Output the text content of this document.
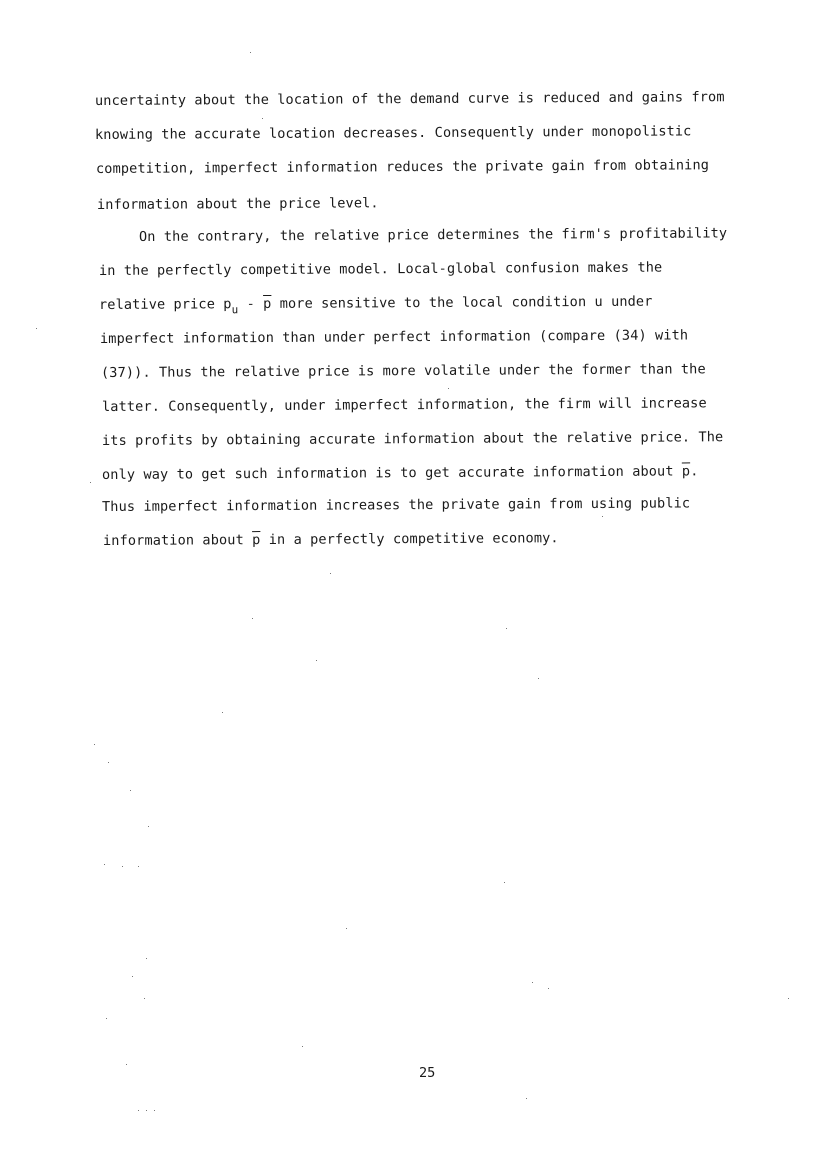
uncertainty about the location of the demand curve is reduced and gains from
knowing the accurate location decreases. Consequently under monopolistic
competition, imperfect information reduces the private gain from obtaining
information about the price level.
On the contrary, the relative price determines the firm's profitability
in the perfectly competitive model. Local-global confusion makes the
relative price $p_u - \overline{p}$ more sensitive to the local condition u under
imperfect information than under perfect information (compare (34) with
(37)). Thus the relative price is more volatile under the former than the
latter. Consequently, under imperfect information, the firm will increase
its profits by obtaining accurate information about the relative price. The
only way to get such information is to get accurate information about $\overline{p}$.
Thus imperfect information increases the private gain from using public
information about $\overline{p}$ in a perfectly competitive economy.
25
